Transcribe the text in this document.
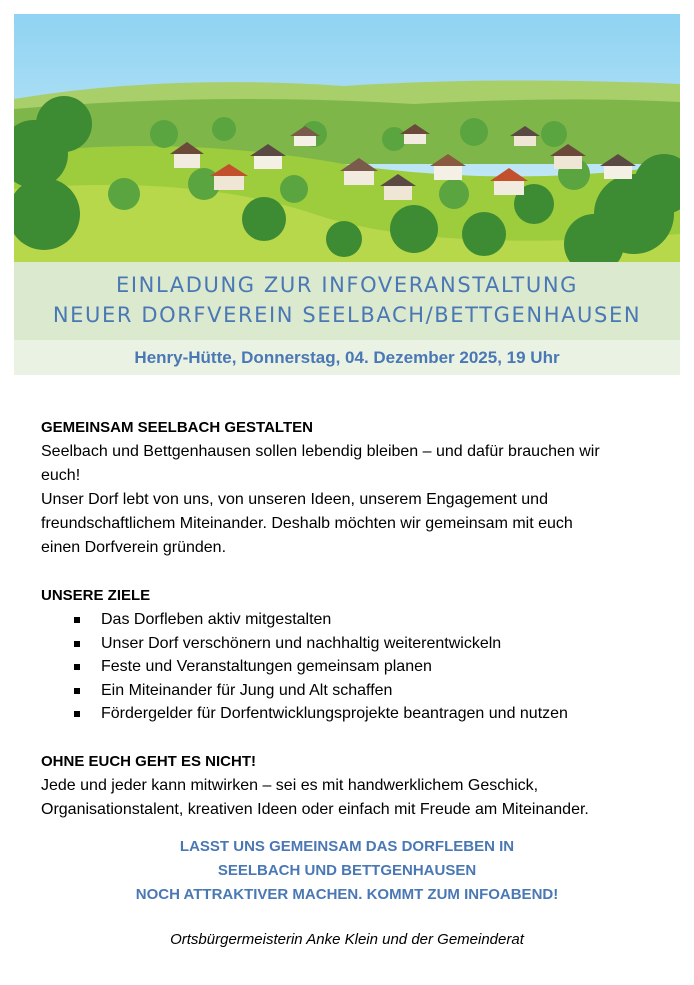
EINLADUNG ZUR INFOVERANSTALTUNG
NEUER DORFVEREIN SEELBACH/BETTGENHAUSEN
Henry-Hütte, Donnerstag, 04. Dezember 2025, 19 Uhr
GEMEINSAM SEELBACH GESTALTEN
Seelbach und Bettgenhausen sollen lebendig bleiben – und dafür brauchen wir
euch!
Unser Dorf lebt von uns, von unseren Ideen, unserem Engagement und
freundschaftlichem Miteinander. Deshalb möchten wir gemeinsam mit euch
einen Dorfverein gründen.
UNSERE ZIELE
Das Dorfleben aktiv mitgestalten
Unser Dorf verschönern und nachhaltig weiterentwickeln
Feste und Veranstaltungen gemeinsam planen
Ein Miteinander für Jung und Alt schaffen
Fördergelder für Dorfentwicklungsprojekte beantragen und nutzen
OHNE EUCH GEHT ES NICHT!
Jede und jeder kann mitwirken – sei es mit handwerklichem Geschick,
Organisationstalent, kreativen Ideen oder einfach mit Freude am Miteinander.
LASST UNS GEMEINSAM DAS DORFLEBEN IN
SEELBACH UND BETTGENHAUSEN
NOCH ATTRAKTIVER MACHEN. KOMMT ZUM INFOABEND!
Ortsbürgermeisterin Anke Klein und der Gemeinderat
